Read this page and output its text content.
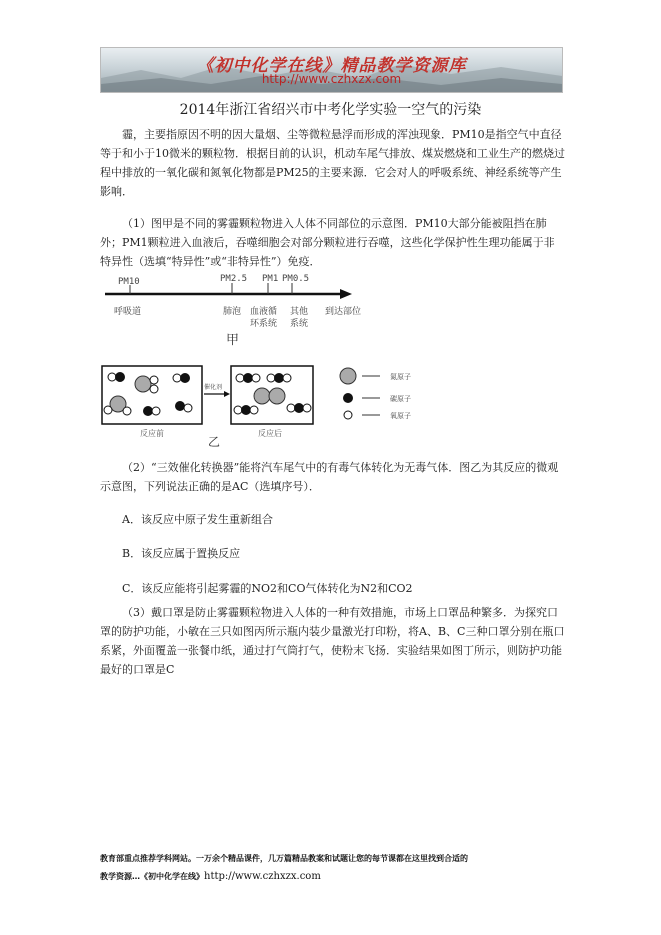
《初中化学在线》精品教学资源库
http://www.czhxzx.com
2014年浙江省绍兴市中考化学实验一空气的污染
霾，主要指原因不明的因大量烟、尘等微粒悬浮而形成的浑浊现象．PM10是指空气中直径等于和小于10微米的颗粒物．根据目前的认识，机动车尾气排放、煤炭燃烧和工业生产的燃烧过程中排放的一氧化碳和氮氧化物都是PM25的主要来源．它会对人的呼吸系统、神经系统等产生影响．
（1）图甲是不同的雾霾颗粒物进入人体不同部位的示意图．PM10大部分能被阻挡在肺外；PM1颗粒进入血液后，吞噬细胞会对部分颗粒进行吞噬，这些化学保护性生理功能属于非特异性（选填“特异性”或“非特异性”）免疫．
PM10	PM2.5 PM1 PM0.5
呼吸道	肺泡 血液循
环系统
其他
系统
到达部位
甲
反应前
催化剂
反应后
乙
氮原子
碳原子
氧原子
（2）“三效催化转换器”能将汽车尾气中的有毒气体转化为无毒气体．图乙为其反应的微观示意图，下列说法正确的是AC（选填序号）．
A．该反应中原子发生重新组合
B．该反应属于置换反应
C．该反应能将引起雾霾的NO2和CO气体转化为N2和CO2
（3）戴口罩是防止雾霾颗粒物进入人体的一种有效措施，市场上口罩品种繁多．为探究口罩的防护功能，小敏在三只如图丙所示瓶内装少量激光打印粉，将A、B、C三种口罩分别在瓶口系紧，外面覆盖一张餐巾纸，通过打气筒打气，使粉末飞扬．实验结果如图丁所示，则防护功能最好的口罩是C
教育部重点推荐学科网站。一万余个精品课件，几万篇精品教案和试题让您的每节课都在这里找到合适的
教学资源…《初中化学在线》http://www.czhxzx.com
